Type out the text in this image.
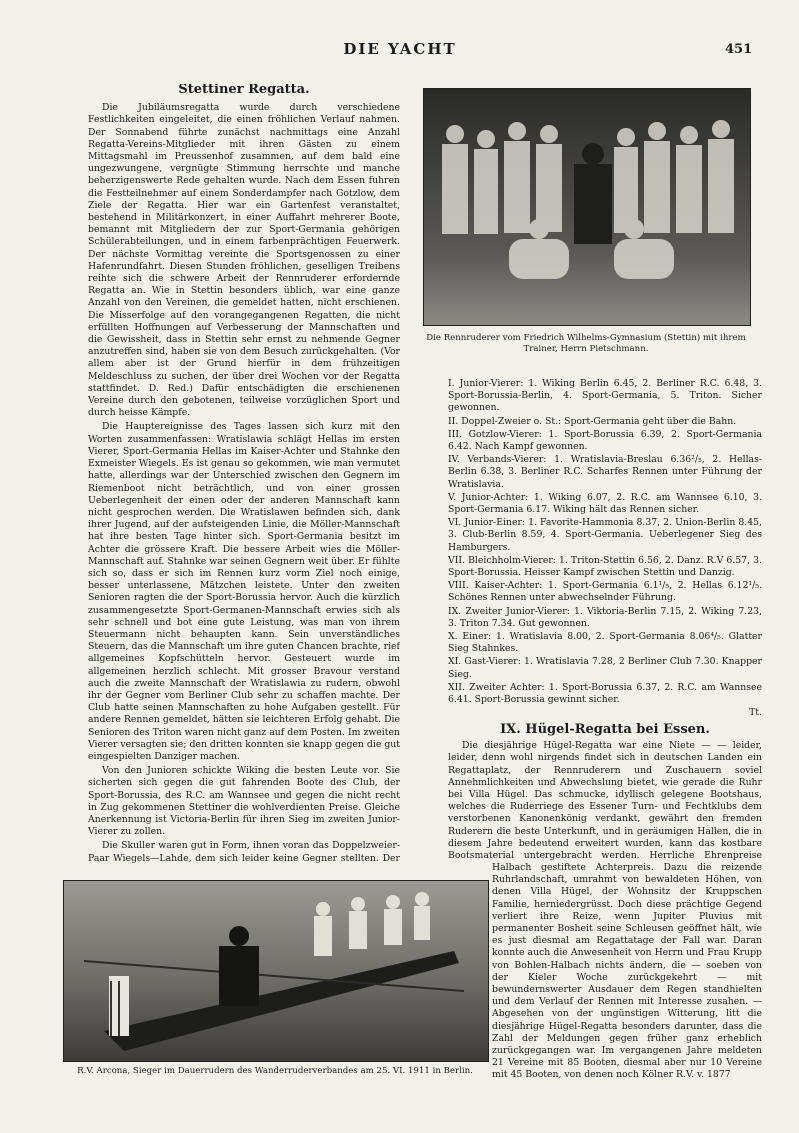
DIE YACHT	451
Stettiner Regatta.

Die Jubiläumsregatta wurde durch verschiedene Festlichkeiten eingeleitet, die einen fröhlichen Verlauf nahmen. Der Sonnabend führte zunächst nachmittags eine Anzahl Regatta-Vereins-Mitglieder mit ihren Gästen zu einem Mittagsmahl im Preussenhof zusammen, auf dem bald eine ungezwungene, vergnügte Stimmung herrschte und manche beherzigenswerte Rede gehalten wurde. Nach dem Essen fuhren die Festteilnehmer auf einem Sonderdampfer nach Gotzlow, dem Ziele der Regatta. Hier war ein Gartenfest veranstaltet, bestehend in Militärkonzert, in einer Auffahrt mehrerer Boote, bemannt mit Mitgliedern der zur Sport-Germania gehörigen Schülerabteilungen, und in einem farbenprächtigen Feuerwerk. Der nächste Vormittag vereinte die Sportsgenossen zu einer Hafenrundfahrt. Diesen Stunden fröhlichen, geselligen Treibens reihte sich die schwere Arbeit der Rennruderer erfordernde Regatta an. Wie in Stettin besonders üblich, war eine ganze Anzahl von den Vereinen, die gemeldet hatten, nicht erschienen. Die Misserfolge auf den vorangegangenen Regatten, die nicht erfüllten Hoffnungen auf Verbesserung der Mannschaften und die Gewissheit, dass in Stettin sehr ernst zu nehmende Gegner anzutreffen sind, haben sie von dem Besuch zurückgehalten. (Vor allem aber ist der Grund hierfür in dem frühzeitigen Meldeschluss zu suchen, der über drei Wochen vor der Regatta stattfindet. D. Red.) Dafür entschädigten die erschienenen Vereine durch den gebotenen, teilweise vorzüglichen Sport und durch heisse Kämpfe.

Die Hauptereignisse des Tages lassen sich kurz mit den Worten zusammenfassen: Wratislawia schlägt Hellas im ersten Vierer, Sport-Germania Hellas im Kaiser-Achter und Stahnke den Exmeister Wiegels. Es ist genau so gekommen, wie man vermutet hatte, allerdings war der Unterschied zwischen den Gegnern im Riemenboot nicht beträchtlich, und von einer grossen Ueberlegenheit der einen oder der anderen Mannschaft kann nicht gesprochen werden. Die Wratislawen befinden sich, dank ihrer Jugend, auf der aufsteigenden Linie, die Möller-Mannschaft hat ihre besten Tage hinter sich. Sport-Germania besitzt im Achter die grössere Kraft. Die bessere Arbeit wies die Möller-Mannschaft auf. Stahnke war seinen Gegnern weit über. Er fühlte sich so, dass er sich im Rennen kurz vorm Ziel noch einige, besser unterlassene, Mätzchen leistete. Unter den zweiten Senioren ragten die der Sport-Borussia hervor. Auch die kürzlich zusammengesetzte Sport-Germanen-Mannschaft erwies sich als sehr schnell und bot eine gute Leistung, was man von ihrem Steuermann nicht behaupten kann. Sein unverständliches Steuern, das die Mannschaft um ihre guten Chancen brachte, rief allgemeines Kopfschütteln hervor. Gesteuert wurde im allgemeinen herzlich schlecht. Mit grosser Bravour verstand auch die zweite Mannschaft der Wratislawia zu rudern, obwohl ihr der Gegner vom Berliner Club sehr zu schaffen machte. Der Club hatte seinen Mannschaften zu hohe Aufgaben gestellt. Für andere Rennen gemeldet, hätten sie leichteren Erfolg gehabt. Die Senioren des Triton waren nicht ganz auf dem Posten. Im zweiten Vierer versagten sie; den dritten konnten sie knapp gegen die gut eingespielten Danziger machen.

Von den Junioren schickte Wiking die besten Leute vor. Sie sicherten sich gegen die gut fahrenden Boote des Club, der Sport-Borussia, des R.C. am Wannsee und gegen die nicht recht in Zug gekommenen Stettiner die wohlverdienten Preise. Gleiche Anerkennung ist Victoria-Berlin für ihren Sieg im zweiten Junior-Vierer zu zollen.

Die Skuller waren gut in Form, ihnen voran das Doppelzweier-Paar Wiegels—Lahde, dem sich leider keine Gegner stellten. Der

Die Rennruderer vom Friedrich Wilhelms-Gymnasium (Stettin) mit ihrem Trainer, Herrn Pietschmann.

I. Junior-Vierer: 1. Wiking Berlin 6.45, 2. Berliner R.C. 6.48, 3. Sport-Borussia-Berlin, 4. Sport-Germania, 5. Triton. Sicher gewonnen.

II. Doppel-Zweier o. St.: Sport-Germania geht über die Bahn.

III. Gotzlow-Vierer: 1. Sport-Borussia 6.39, 2. Sport-Germania 6.42. Nach Kampf gewonnen.

IV. Verbands-Vierer: 1. Wratislavia-Breslau 6.36²/₅, 2. Hellas-Berlin 6.38, 3. Berliner R.C. Scharfes Rennen unter Führung der Wratislavia.

V. Junior-Achter: 1. Wiking 6.07, 2. R.C. am Wannsee 6.10, 3. Sport-Germania 6.17. Wiking hält das Rennen sicher.

VI. Junior-Einer: 1. Favorite-Hammonia 8.37, 2. Union-Berlin 8.45, 3. Club-Berlin 8.59, 4. Sport-Germania. Ueberlegener Sieg des Hamburgers.

VII. Bleichholm-Vierer: 1. Triton-Stettin 6.56, 2. Danz. R.V 6.57, 3. Sport-Borussia. Heisser Kampf zwischen Stettin und Danzig.

VIII. Kaiser-Achter: 1. Sport-Germania 6.1¹/₅, 2. Hellas 6.12¹/₅. Schönes Rennen unter abwechselnder Führung.

IX. Zweiter Junior-Vierer: 1. Viktoria-Berlin 7.15, 2. Wiking 7.23, 3. Triton 7.34. Gut gewonnen.

X. Einer: 1. Wratislavia 8.00, 2. Sport-Germania 8.06⁴/₅. Glatter Sieg Stahnkes.

XI. Gast-Vierer: 1. Wratislavia 7.28, 2 Berliner Club 7.30. Knapper Sieg.

XII. Zweiter Achter: 1. Sport-Borussia 6.37, 2. R.C. am Wannsee 6.41. Sport-Borussia gewinnt sicher.

Tt.
IX. Hügel-Regatta bei Essen.

Die diesjährige Hügel-Regatta war eine Niete — — leider, leider, denn wohl nirgends findet sich in deutschen Landen ein Regattaplatz, der Rennruderern und Zuschauern soviel Annehmlichkeiten und Abwechslung bietet, wie gerade die Ruhr bei Villa Hügel. Das schmucke, idyllisch gelegene Bootshaus, welches die Ruderriege des Essener Turn- und Fechtklubs dem verstorbenen Kanonenkönig verdankt, gewährt den fremden Ruderern die beste Unterkunft, und in geräumigen Hallen, die in diesem Jahre bedeutend erweitert wurden, kann das kostbare Bootsmaterial untergebracht werden. Herrliche Ehrenpreise

Halbach gestiftete Achterpreis. Dazu die reizende Ruhrlandschaft, umrahmt von bewaldeten Höhen, von denen Villa Hügel, der Wohnsitz der Kruppschen Familie, herniedergrüsst. Doch diese prächtige Gegend verliert ihre Reize, wenn Jupiter Pluvius mit permanenter Bosheit seine Schleusen geöffnet hält, wie es just diesmal am Regattatage der Fall war. Daran konnte auch die Anwesenheit von Herrn und Frau Krupp von Bohlen-Halbach nichts ändern, die — soeben von der Kieler Woche zurückgekehrt — mit bewundernswerter Ausdauer dem Regen standhielten und dem Verlauf der Rennen mit Interesse zusahen. — Abgesehen von der ungünstigen Witterung, litt die diesjährige Hügel-Regatta besonders darunter, dass die Zahl der Meldungen gegen früher ganz erheblich zurückgegangen war. Im vergangenen Jahre meldeten 21 Vereine mit 85 Booten, diesmal aber nur 10 Vereine mit 45 Booten, von denen noch Kölner R.V. v. 1877

R.V. Arcona, Sieger im Dauerrudern des Wanderruderverbandes am 25. VI. 1911 in Berlin.
